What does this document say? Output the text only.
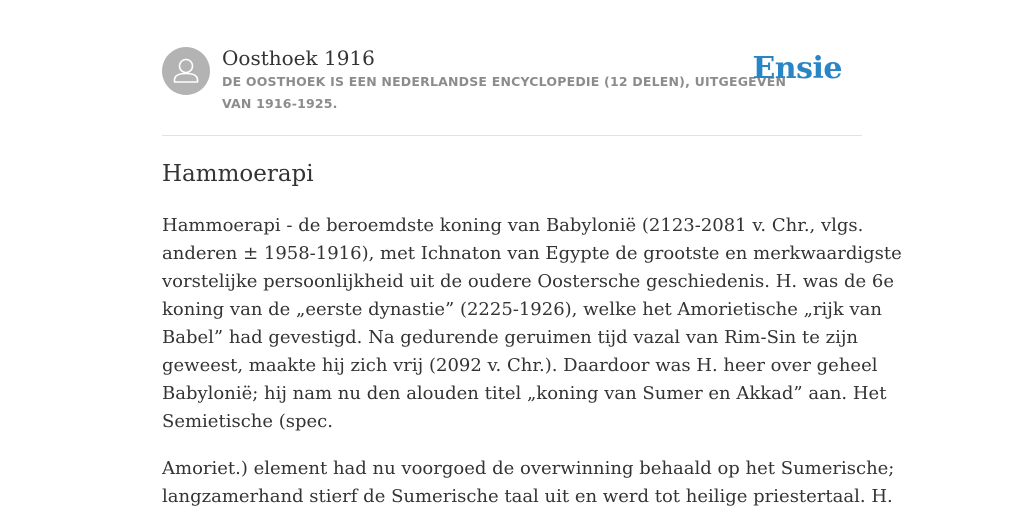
Oosthoek 1916
DE OOSTHOEK IS EEN NEDERLANDSE ENCYCLOPEDIE (12 DELEN), UITGEGEVEN
VAN 1916-1925.
Ensie
Hammoerapi

Hammoerapi - de beroemdste koning van Babylonië (2123-2081 v. Chr., vlgs.
anderen ± 1958-1916), met Ichnaton van Egypte de grootste en merkwaardigste
vorstelijke persoonlijkheid uit de oudere Oostersche geschiedenis. H. was de 6e
koning van de „eerste dynastie” (2225-1926), welke het Amorietische „rijk van
Babel” had gevestigd. Na gedurende geruimen tijd vazal van Rim-Sin te zijn
geweest, maakte hij zich vrij (2092 v. Chr.). Daardoor was H. heer over geheel
Babylonië; hij nam nu den alouden titel „koning van Sumer en Akkad” aan. Het
Semietische (spec.

Amoriet.) element had nu voorgoed de overwinning behaald op het Sumerische;
langzamerhand stierf de Sumerische taal uit en werd tot heilige priestertaal. H.
